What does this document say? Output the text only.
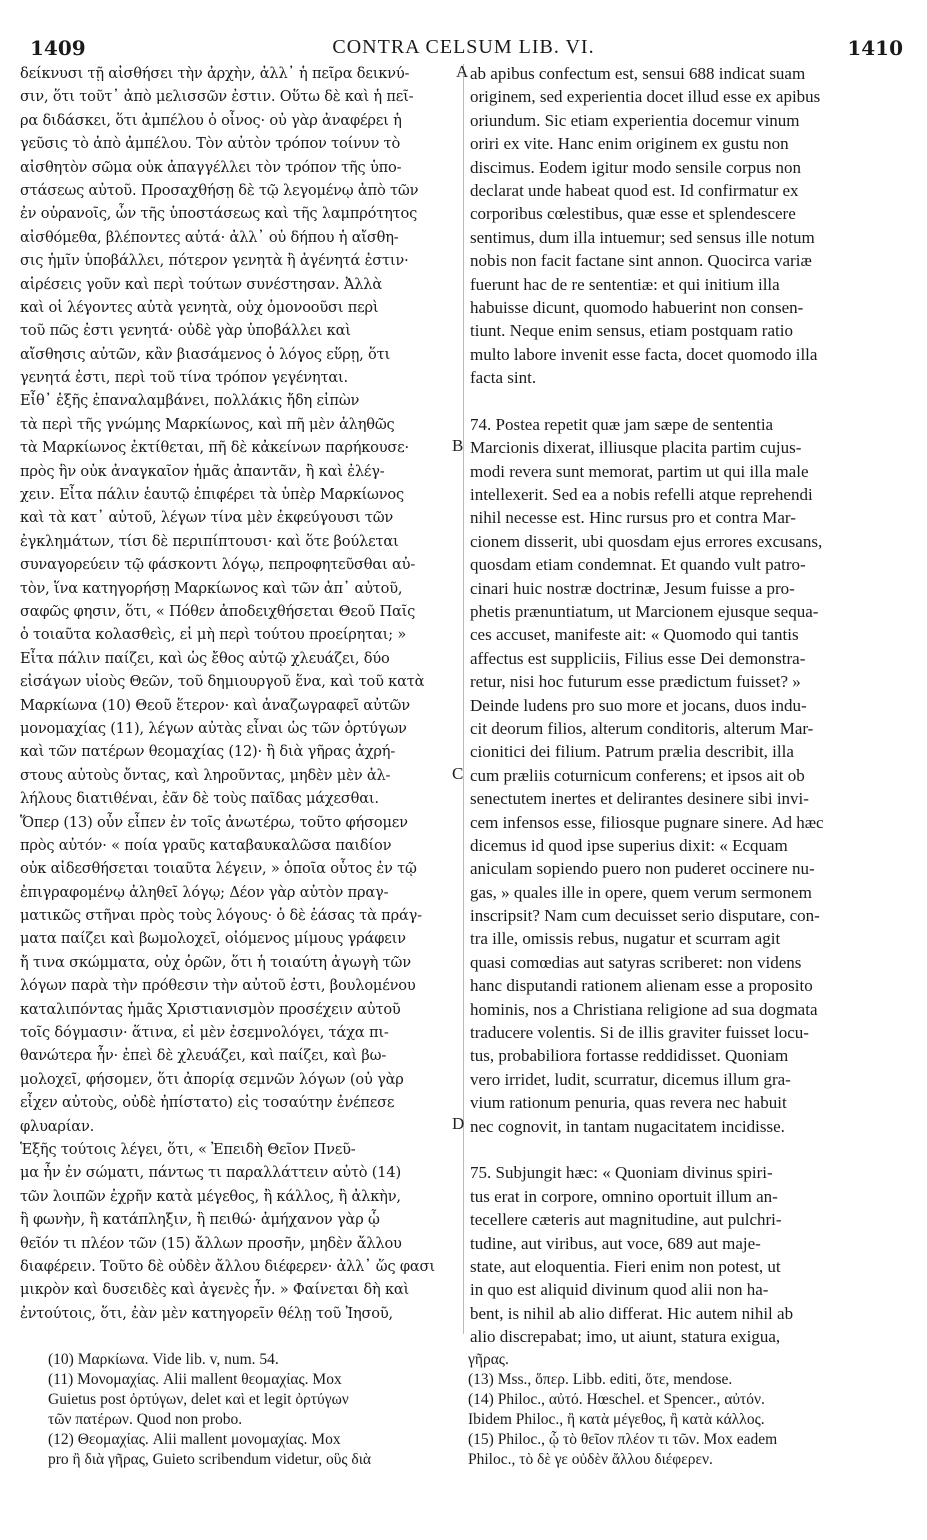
1409	CONTRA CELSUM LIB. VI.	1410
A
B
C
D
δείκνυσι τῇ αἰσθήσει τὴν ἀρχὴν, ἀλλ᾽ ἡ πεῖρα δεικνύ-
σιν, ὅτι τοῦτ᾽ ἀπὸ μελισσῶν ἐστιν. Οὕτω δὲ καὶ ἡ πεῖ-
ρα διδάσκει, ὅτι ἀμπέλου ὁ οἶνος· οὐ γὰρ ἀναφέρει ἡ
γεῦσις τὸ ἀπὸ ἀμπέλου. Τὸν αὐτὸν τρόπον τοίνυν τὸ
αἰσθητὸν σῶμα οὐκ ἀπαγγέλλει τὸν τρόπον τῆς ὑπο-
στάσεως αὐτοῦ. Προσαχθήσῃ δὲ τῷ λεγομένῳ ἀπὸ τῶν
ἐν οὐρανοῖς, ὧν τῆς ὑποστάσεως καὶ τῆς λαμπρότητος
αἰσθόμεθα, βλέποντες αὐτά· ἀλλ᾽ οὐ δήπου ἡ αἴσθη-
σις ἡμῖν ὑποβάλλει, πότερον γενητὰ ἢ ἀγένητά ἐστιν·
αἱρέσεις γοῦν καὶ περὶ τούτων συνέστησαν. Ἀλλὰ
καὶ οἱ λέγοντες αὐτὰ γενητὰ, οὐχ ὁμονοοῦσι περὶ
τοῦ πῶς ἐστι γενητά· οὐδὲ γὰρ ὑποβάλλει καὶ
αἴσθησις αὐτῶν, κἂν βιασάμενος ὁ λόγος εὕρῃ, ὅτι
γενητά ἐστι, περὶ τοῦ τίνα τρόπον γεγένηται.
Εἶθ᾽ ἑξῆς ἐπαναλαμβάνει, πολλάκις ἤδη εἰπὼν
τὰ περὶ τῆς γνώμης Μαρκίωνος, καὶ πῆ μὲν ἀληθῶς
τὰ Μαρκίωνος ἐκτίθεται, πῆ δὲ κἀκείνων παρήκουσε·
πρὸς ἣν οὐκ ἀναγκαῖον ἡμᾶς ἀπαντᾶν, ἢ καὶ ἐλέγ-
χειν. Εἶτα πάλιν ἑαυτῷ ἐπιφέρει τὰ ὑπὲρ Μαρκίωνος
καὶ τὰ κατ᾽ αὐτοῦ, λέγων τίνα μὲν ἐκφεύγουσι τῶν
ἐγκλημάτων, τίσι δὲ περιπίπτουσι· καὶ ὅτε βούλεται
συναγορεύειν τῷ φάσκοντι λόγῳ, πεπροφητεῦσθαι αὐ-
τὸν, ἵνα κατηγορήσῃ Μαρκίωνος καὶ τῶν ἀπ᾽ αὐτοῦ,
σαφῶς φησιν, ὅτι, « Πόθεν ἀποδειχθήσεται Θεοῦ Παῖς
ὁ τοιαῦτα κολασθεὶς, εἰ μὴ περὶ τούτου προείρηται; »
Εἶτα πάλιν παίζει, καὶ ὡς ἔθος αὐτῷ χλευάζει, δύο
εἰσάγων υἱοὺς Θεῶν, τοῦ δημιουργοῦ ἕνα, καὶ τοῦ κατὰ
Μαρκίωνα (10) Θεοῦ ἕτερον· καὶ ἀναζωγραφεῖ αὐτῶν
μονομαχίας (11), λέγων αὐτὰς εἶναι ὡς τῶν ὀρτύγων
καὶ τῶν πατέρων θεομαχίας (12)· ἢ διὰ γῆρας ἀχρή-
στους αὐτοὺς ὄντας, καὶ ληροῦντας, μηδὲν μὲν ἀλ-
λήλους διατιθέναι, ἐᾶν δὲ τοὺς παῖδας μάχεσθαι.
Ὅπερ (13) οὖν εἶπεν ἐν τοῖς ἀνωτέρω, τοῦτο φήσομεν
πρὸς αὐτόν· « ποία γραῦς καταβαυκαλῶσα παιδίον
οὐκ αἰδεσθήσεται τοιαῦτα λέγειν, » ὁποῖα οὗτος ἐν τῷ
ἐπιγραφομένῳ ἀληθεῖ λόγῳ; Δέον γὰρ αὐτὸν πραγ-
ματικῶς στῆναι πρὸς τοὺς λόγους· ὁ δὲ ἐάσας τὰ πράγ-
ματα παίζει καὶ βωμολοχεῖ, οἰόμενος μίμους γράφειν
ἤ τινα σκώμματα, οὐχ ὁρῶν, ὅτι ἡ τοιαύτη ἀγωγὴ τῶν
λόγων παρὰ τὴν πρόθεσιν τὴν αὐτοῦ ἐστι, βουλομένου
καταλιπόντας ἡμᾶς Χριστιανισμὸν προσέχειν αὐτοῦ
τοῖς δόγμασιν· ἅτινα, εἰ μὲν ἐσεμνολόγει, τάχα πι-
θανώτερα ἦν· ἐπεὶ δὲ χλευάζει, καὶ παίζει, καὶ βω-
μολοχεῖ, φήσομεν, ὅτι ἀπορίᾳ σεμνῶν λόγων (οὐ γὰρ
εἶχεν αὐτοὺς, οὐδὲ ἠπίστατο) εἰς τοσαύτην ἐνέπεσε
φλυαρίαν.
Ἑξῆς τούτοις λέγει, ὅτι, « Ἐπειδὴ Θεῖον Πνεῦ-
μα ἦν ἐν σώματι, πάντως τι παραλλάττειν αὐτὸ (14)
τῶν λοιπῶν ἐχρῆν κατὰ μέγεθος, ἢ κάλλος, ἢ ἀλκὴν,
ἢ φωνὴν, ἢ κατάπληξιν, ἢ πειθώ· ἀμήχανον γὰρ ᾧ
θεῖόν τι πλέον τῶν (15) ἄλλων προσῆν, μηδὲν ἄλλου
διαφέρειν. Τοῦτο δὲ οὐδὲν ἄλλου διέφερεν· ἀλλ᾽ ὥς φασι
μικρὸν καὶ δυσειδὲς καὶ ἀγενὲς ἦν. » Φαίνεται δὴ καὶ
ἐντούτοις, ὅτι, ἐὰν μὲν κατηγορεῖν θέλῃ τοῦ Ἰησοῦ,
ab apibus confectum est, sensui 688 indicat suam
originem, sed experientia docet illud esse ex apibus
oriundum. Sic etiam experientia docemur vinum
oriri ex vite. Hanc enim originem ex gustu non
discimus. Eodem igitur modo sensile corpus non
declarat unde habeat quod est. Id confirmatur ex
corporibus cœlestibus, quæ esse et splendescere
sentimus, dum illa intuemur; sed sensus ille notum
nobis non facit factane sint annon. Quocirca variæ
fuerunt hac de re sententiæ: et qui initium illa
habuisse dicunt, quomodo habuerint non consen-
tiunt. Neque enim sensus, etiam postquam ratio
multo labore invenit esse facta, docet quomodo illa
facta sint.
74. Postea repetit quæ jam sæpe de sententia
Marcionis dixerat, illiusque placita partim cujus-
modi revera sunt memorat, partim ut qui illa male
intellexerit. Sed ea a nobis refelli atque reprehendi
nihil necesse est. Hinc rursus pro et contra Mar-
cionem disserit, ubi quosdam ejus errores excusans,
quosdam etiam condemnat. Et quando vult patro-
cinari huic nostræ doctrinæ, Jesum fuisse a pro-
phetis prænuntiatum, ut Marcionem ejusque sequa-
ces accuset, manifeste ait: « Quomodo qui tantis
affectus est suppliciis, Filius esse Dei demonstra-
retur, nisi hoc futurum esse prædictum fuisset? »
Deinde ludens pro suo more et jocans, duos indu-
cit deorum filios, alterum conditoris, alterum Mar-
cionitici dei filium. Patrum prælia describit, illa
cum præliis coturnicum conferens; et ipsos ait ob
senectutem inertes et delirantes desinere sibi invi-
cem infensos esse, filiosque pugnare sinere. Ad hæc
dicemus id quod ipse superius dixit: « Ecquam
aniculam sopiendo puero non puderet occinere nu-
gas, » quales ille in opere, quem verum sermonem
inscripsit? Nam cum decuisset serio disputare, con-
tra ille, omissis rebus, nugatur et scurram agit
quasi comœdias aut satyras scriberet: non videns
hanc disputandi rationem alienam esse a proposito
hominis, nos a Christiana religione ad sua dogmata
traducere volentis. Si de illis graviter fuisset locu-
tus, probabiliora fortasse reddidisset. Quoniam
vero irridet, ludit, scurratur, dicemus illum gra-
vium rationum penuria, quas revera nec habuit
nec cognovit, in tantam nugacitatem incidisse.
75. Subjungit hæc: « Quoniam divinus spiri-
tus erat in corpore, omnino oportuit illum an-
tecellere cæteris aut magnitudine, aut pulchri-
tudine, aut viribus, aut voce, 689 aut maje-
state, aut eloquentia. Fieri enim non potest, ut
in quo est aliquid divinum quod alii non ha-
bent, is nihil ab alio differat. Hic autem nihil ab
alio discrepabat; imo, ut aiunt, statura exigua,
(10) Μαρκίωνα. Vide lib. v, num. 54.
(11) Μονομαχίας. Alii mallent θεομαχίας. Mox
Guietus post ὀρτύγων, delet καὶ et legit ὀρτύγων
τῶν πατέρων. Quod non probo.
(12) Θεομαχίας. Alii mallent μονομαχίας. Mox
pro ἢ διὰ γῆρας, Guieto scribendum videtur, οὓς διὰ
γῆρας.
(13) Mss., ὅπερ. Libb. editi, ὅτε, mendose.
(14) Philoc., αὐτό. Hœschel. et Spencer., αὐτόν.
Ibidem Philoc., ἢ κατὰ μέγεθος, ἢ κατὰ κάλλος.
(15) Philoc., ᾧ τὸ θεῖον πλέον τι τῶν. Mox eadem
Philoc., τὸ δὲ γε οὐδὲν ἄλλου διέφερεν.
